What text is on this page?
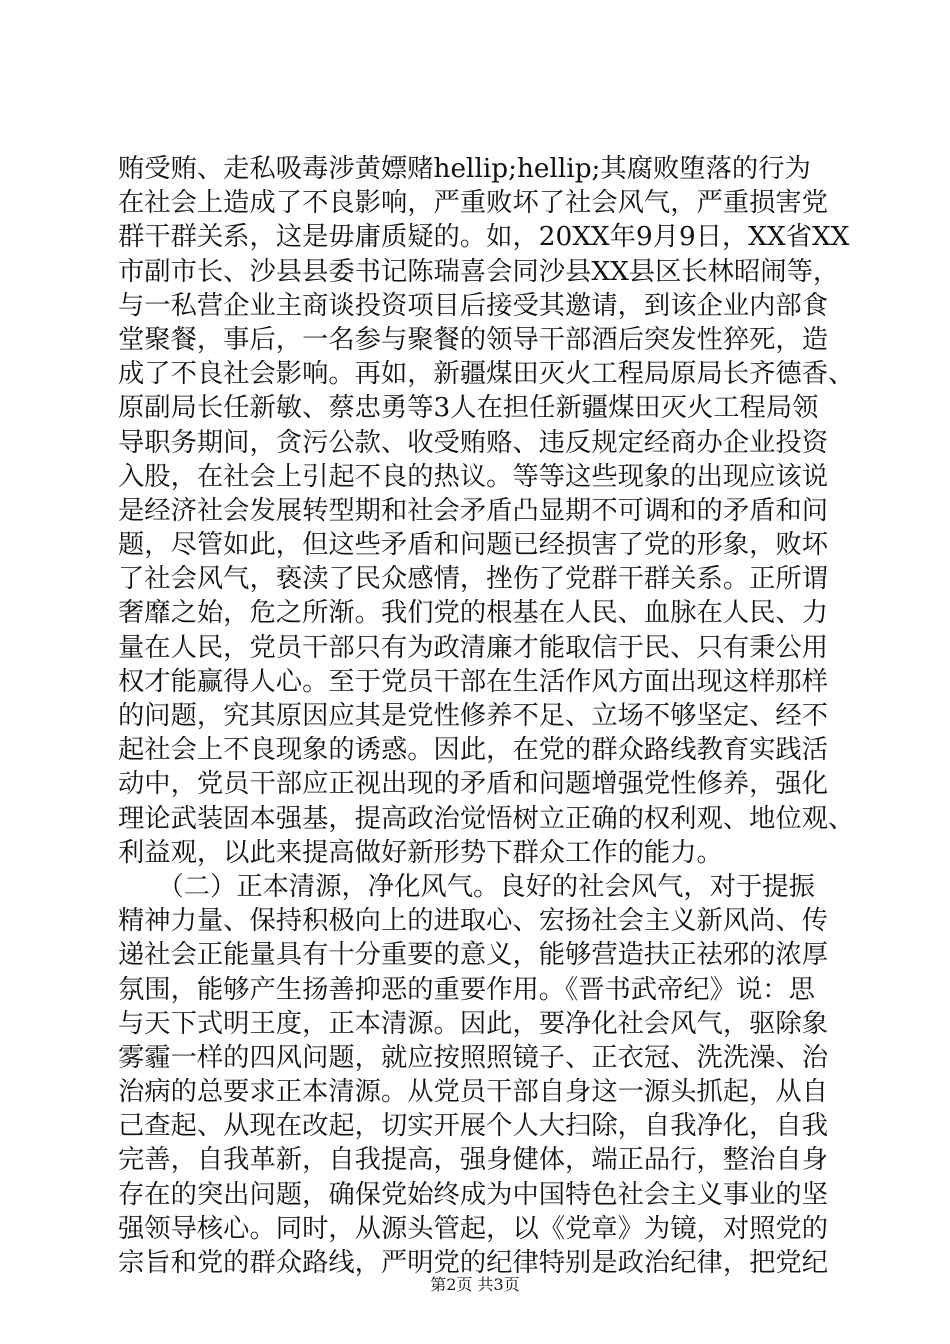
贿受贿、走私吸毒涉黄嫖赌hellip;hellip;其腐败堕落的行为
在社会上造成了不良影响，严重败坏了社会风气，严重损害党
群干群关系，这是毋庸质疑的。如，20XX年9月9日，XX省XX
市副市长、沙县县委书记陈瑞喜会同沙县XX县区长林昭闹等，
与一私营企业主商谈投资项目后接受其邀请，到该企业内部食
堂聚餐，事后，一名参与聚餐的领导干部酒后突发性猝死，造
成了不良社会影响。再如，新疆煤田灭火工程局原局长齐德香、
原副局长任新敏、蔡忠勇等3人在担任新疆煤田灭火工程局领
导职务期间，贪污公款、收受贿赂、违反规定经商办企业投资
入股，在社会上引起不良的热议。等等这些现象的出现应该说
是经济社会发展转型期和社会矛盾凸显期不可调和的矛盾和问
题，尽管如此，但这些矛盾和问题已经损害了党的形象，败坏
了社会风气，亵渎了民众感情，挫伤了党群干群关系。正所谓
奢靡之始，危之所渐。我们党的根基在人民、血脉在人民、力
量在人民，党员干部只有为政清廉才能取信于民、只有秉公用
权才能赢得人心。至于党员干部在生活作风方面出现这样那样
的问题，究其原因应其是党性修养不足、立场不够坚定、经不
起社会上不良现象的诱惑。因此，在党的群众路线教育实践活
动中，党员干部应正视出现的矛盾和问题增强党性修养，强化
理论武装固本强基，提高政治觉悟树立正确的权利观、地位观、
利益观，以此来提高做好新形势下群众工作的能力。
　　（二）正本清源，净化风气。良好的社会风气，对于提振
精神力量、保持积极向上的进取心、宏扬社会主义新风尚、传
递社会正能量具有十分重要的意义，能够营造扶正祛邪的浓厚
氛围，能够产生扬善抑恶的重要作用。《晋书武帝纪》说：思
与天下式明王度，正本清源。因此，要净化社会风气，驱除象
雾霾一样的四风问题，就应按照照镜子、正衣冠、洗洗澡、治
治病的总要求正本清源。从党员干部自身这一源头抓起，从自
己查起、从现在改起，切实开展个人大扫除，自我净化，自我
完善，自我革新，自我提高，强身健体，端正品行，整治自身
存在的突出问题，确保党始终成为中国特色社会主义事业的坚
强领导核心。同时，从源头管起，以《党章》为镜，对照党的
宗旨和党的群众路线，严明党的纪律特别是政治纪律，把党纪
第2页 共3页
